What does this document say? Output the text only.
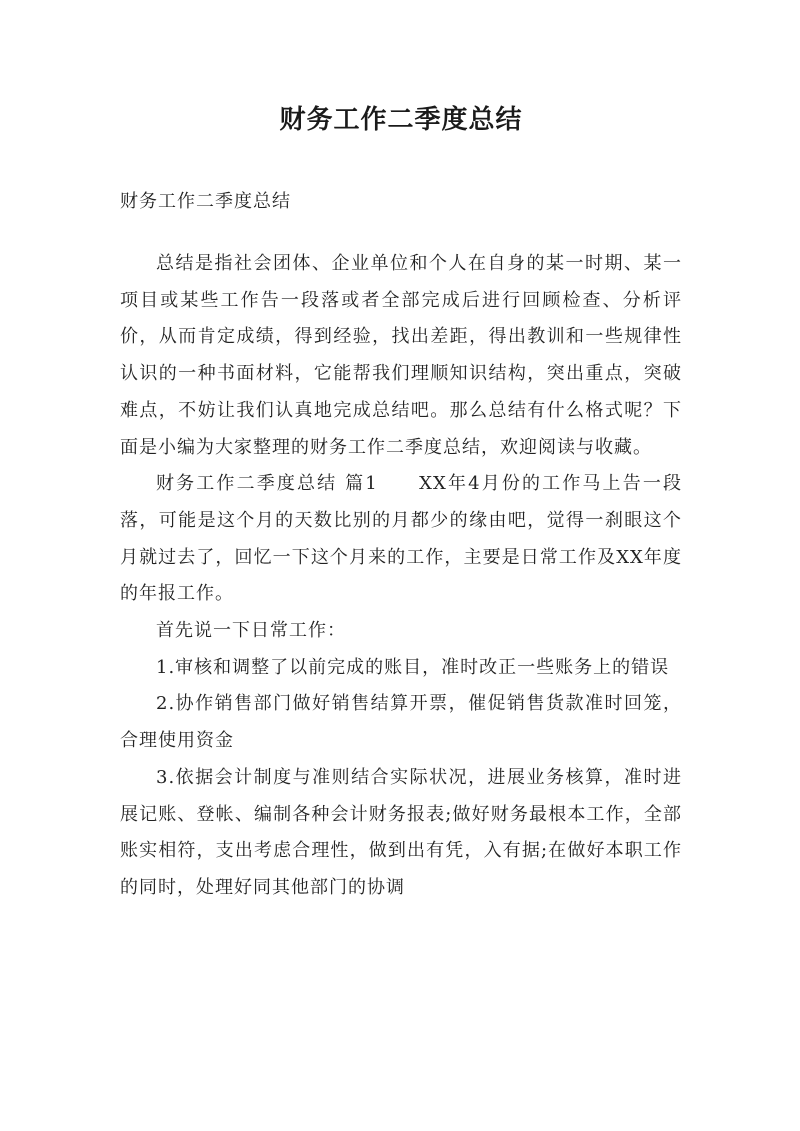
财务工作二季度总结
财务工作二季度总结

总结是指社会团体、企业单位和个人在自身的某一时期、某一项目或某些工作告一段落或者全部完成后进行回顾检查、分析评价，从而肯定成绩，得到经验，找出差距，得出教训和一些规律性认识的一种书面材料，它能帮我们理顺知识结构，突出重点，突破难点，不妨让我们认真地完成总结吧。那么总结有什么格式呢？下面是小编为大家整理的财务工作二季度总结，欢迎阅读与收藏。

财务工作二季度总结 篇1　　XX年4月份的工作马上告一段落，可能是这个月的天数比别的月都少的缘由吧，觉得一刹眼这个月就过去了，回忆一下这个月来的工作，主要是日常工作及XX年度的年报工作。

首先说一下日常工作：

1.审核和调整了以前完成的账目，准时改正一些账务上的错误

2.协作销售部门做好销售结算开票，催促销售货款准时回笼，合理使用资金

3.依据会计制度与准则结合实际状况，进展业务核算，准时进展记账、登帐、编制各种会计财务报表;做好财务最根本工作，全部账实相符，支出考虑合理性，做到出有凭，入有据;在做好本职工作的同时，处理好同其他部门的协调
